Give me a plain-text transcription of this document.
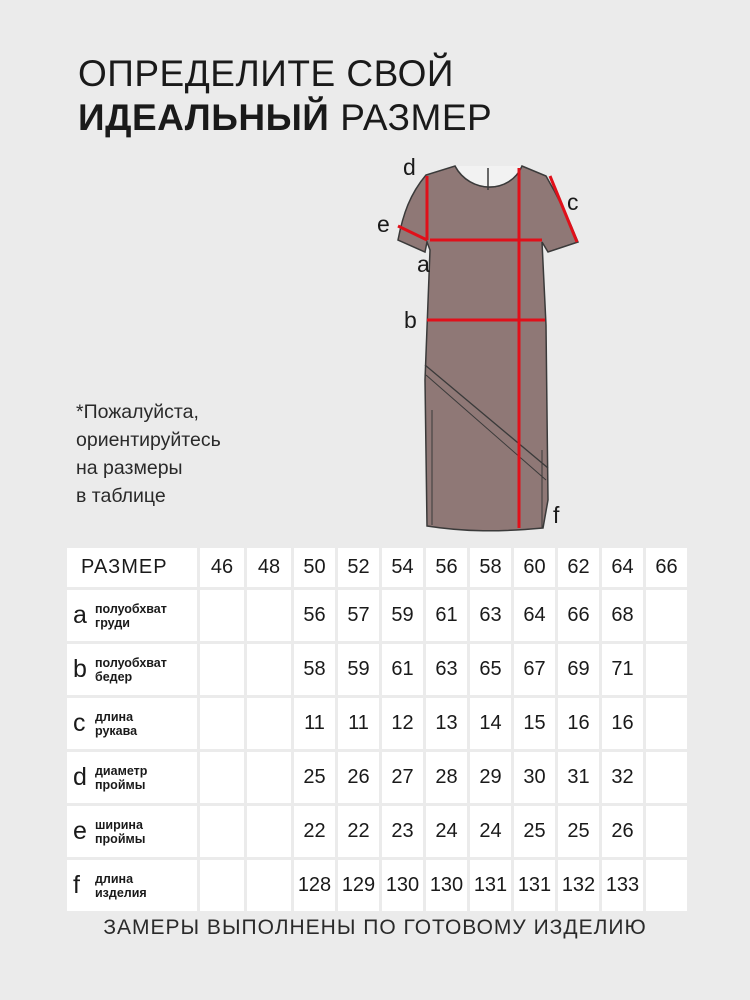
ОПРЕДЕЛИТЕ СВОЙ
ИДЕАЛЬНЫЙ РАЗМЕР
*Пожалуйста,
ориентируйтесь
на размеры
в таблице
d
e
c
a
b
f
РАЗМЕР	46	48	50	52	54	56	58	60	62	64	66

a полуобхват
груди			56	57	59	61	63	64	66	68	

b полуобхват
бедер			58	59	61	63	65	67	69	71	

c длина
рукава			11	11	12	13	14	15	16	16	

d диаметр
проймы			25	26	27	28	29	30	31	32	

e ширина
проймы			22	22	23	24	24	25	25	26	

f длина
изделия			128	129	130	130	131	131	132	133	
ЗАМЕРЫ ВЫПОЛНЕНЫ ПО ГОТОВОМУ ИЗДЕЛИЮ
